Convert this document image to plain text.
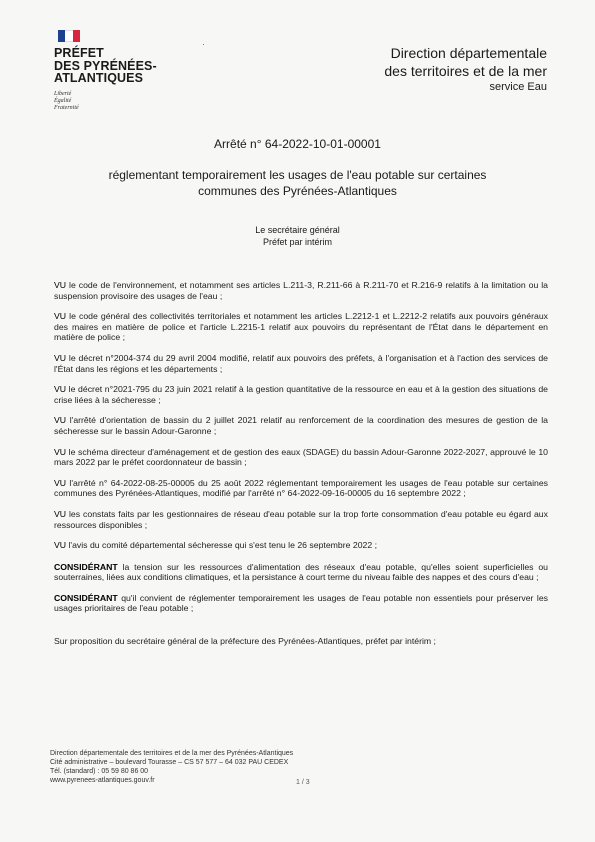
PRÉFET
DES PYRÉNÉES-
ATLANTIQUES
Liberté
Égalité
Fraternité
Direction départementale
des territoires et de la mer
service Eau
Arrêté n° 64-2022-10-01-00001
réglementant temporairement les usages de l'eau potable sur certaines communes des Pyrénées-Atlantiques
Le secrétaire général
Préfet par intérim
VU le code de l'environnement, et notamment ses articles L.211-3, R.211-66 à R.211-70 et R.216-9 relatifs à la limitation ou la suspension provisoire des usages de l'eau ;
VU le code général des collectivités territoriales et notamment les articles L.2212-1 et L.2212-2 relatifs aux pouvoirs généraux des maires en matière de police et l'article L.2215-1 relatif aux pouvoirs du représentant de l'État dans le département en matière de police ;
VU le décret n°2004-374 du 29 avril 2004 modifié, relatif aux pouvoirs des préfets, à l'organisation et à l'action des services de l'État dans les régions et les départements ;
VU le décret n°2021-795 du 23 juin 2021 relatif à la gestion quantitative de la ressource en eau et à la gestion des situations de crise liées à la sécheresse ;
VU l'arrêté d'orientation de bassin du 2 juillet 2021 relatif au renforcement de la coordination des mesures de gestion de la sécheresse sur le bassin Adour-Garonne ;
VU le schéma directeur d'aménagement et de gestion des eaux (SDAGE) du bassin Adour-Garonne 2022-2027, approuvé le 10 mars 2022 par le préfet coordonnateur de bassin ;
VU l'arrêté n° 64-2022-08-25-00005 du 25 août 2022 réglementant temporairement les usages de l'eau potable sur certaines communes des Pyrénées-Atlantiques, modifié par l'arrêté n° 64-2022-09-16-00005 du 16 septembre 2022 ;
VU les constats faits par les gestionnaires de réseau d'eau potable sur la trop forte consommation d'eau potable eu égard aux ressources disponibles ;
VU l'avis du comité départemental sécheresse qui s'est tenu le 26 septembre 2022 ;
CONSIDÉRANT la tension sur les ressources d'alimentation des réseaux d'eau potable, qu'elles soient superficielles ou souterraines, liées aux conditions climatiques, et la persistance à court terme du niveau faible des nappes et des cours d'eau ;
CONSIDÉRANT qu'il convient de réglementer temporairement les usages de l'eau potable non essentiels pour préserver les usages prioritaires de l'eau potable ;
Sur proposition du secrétaire général de la préfecture des Pyrénées-Atlantiques, préfet par intérim ;
Direction départementale des territoires et de la mer des Pyrénées-Atlantiques
Cité administrative – boulevard Tourasse – CS 57 577 – 64 032 PAU CEDEX
Tél. (standard) : 05 59 80 86 00
www.pyrenees-atlantiques.gouv.fr	1 / 3
